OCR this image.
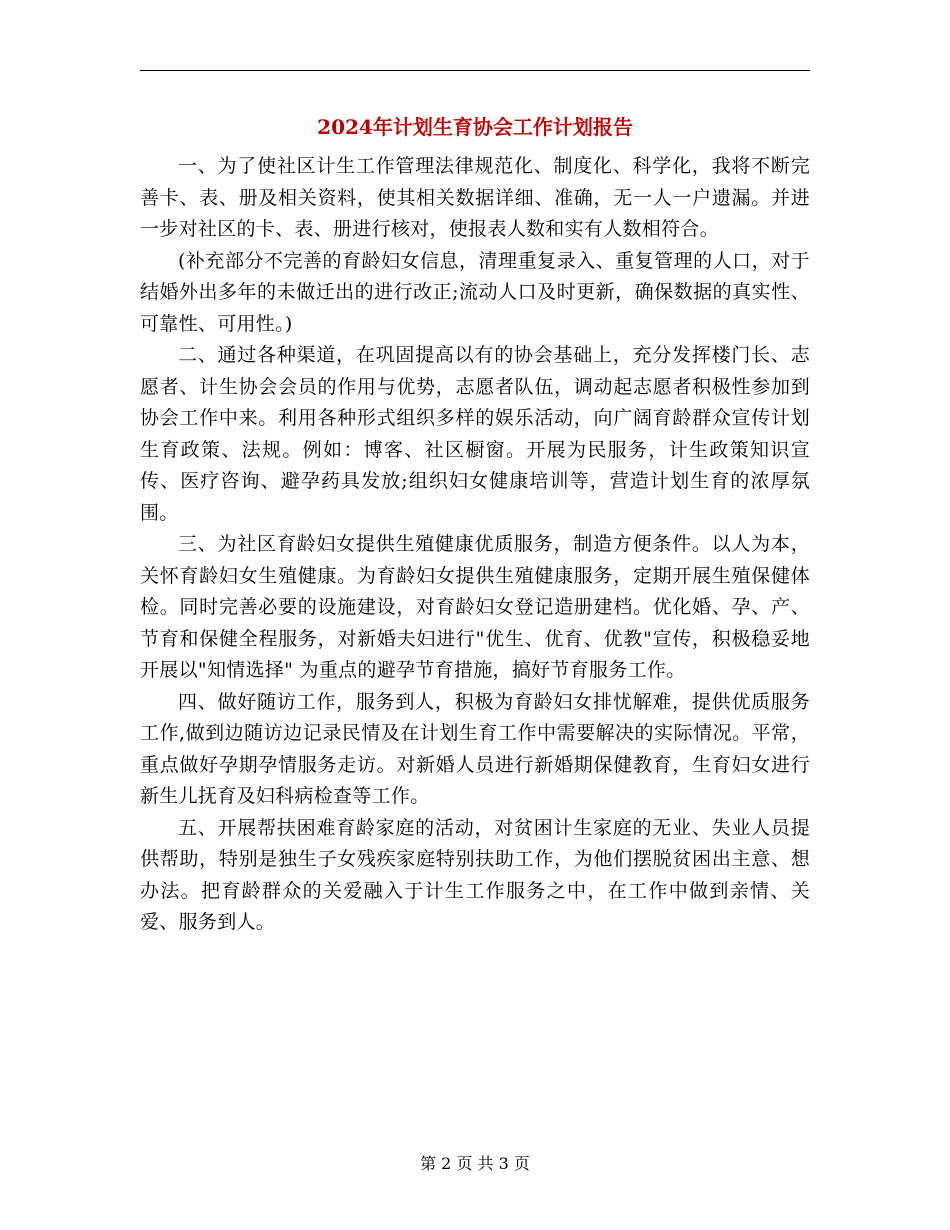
2024年计划生育协会工作计划报告

一、为了使社区计生工作管理法律规范化、制度化、科学化，我将不断完善卡、表、册及相关资料，使其相关数据详细、准确，无一人一户遗漏。并进一步对社区的卡、表、册进行核对，使报表人数和实有人数相符合。

(补充部分不完善的育龄妇女信息，清理重复录入、重复管理的人口，对于结婚外出多年的未做迁出的进行改正;流动人口及时更新，确保数据的真实性、可靠性、可用性。)

二、通过各种渠道，在巩固提高以有的协会基础上，充分发挥楼门长、志愿者、计生协会会员的作用与优势，志愿者队伍，调动起志愿者积极性参加到协会工作中来。利用各种形式组织多样的娱乐活动，向广阔育龄群众宣传计划生育政策、法规。例如：博客、社区橱窗。开展为民服务，计生政策知识宣传、医疗咨询、避孕药具发放;组织妇女健康培训等，营造计划生育的浓厚氛围。

三、为社区育龄妇女提供生殖健康优质服务，制造方便条件。以人为本，关怀育龄妇女生殖健康。为育龄妇女提供生殖健康服务，定期开展生殖保健体检。同时完善必要的设施建设，对育龄妇女登记造册建档。优化婚、孕、产、节育和保健全程服务，对新婚夫妇进行"优生、优育、优教"宣传，积极稳妥地开展以"知情选择" 为重点的避孕节育措施，搞好节育服务工作。

四、做好随访工作，服务到人，积极为育龄妇女排忧解难，提供优质服务工作,做到边随访边记录民情及在计划生育工作中需要解决的实际情况。平常，重点做好孕期孕情服务走访。对新婚人员进行新婚期保健教育，生育妇女进行新生儿抚育及妇科病检查等工作。

五、开展帮扶困难育龄家庭的活动，对贫困计生家庭的无业、失业人员提供帮助，特别是独生子女残疾家庭特别扶助工作，为他们摆脱贫困出主意、想办法。把育龄群众的关爱融入于计生工作服务之中，在工作中做到亲情、关爱、服务到人。

第 2 页 共 3 页
